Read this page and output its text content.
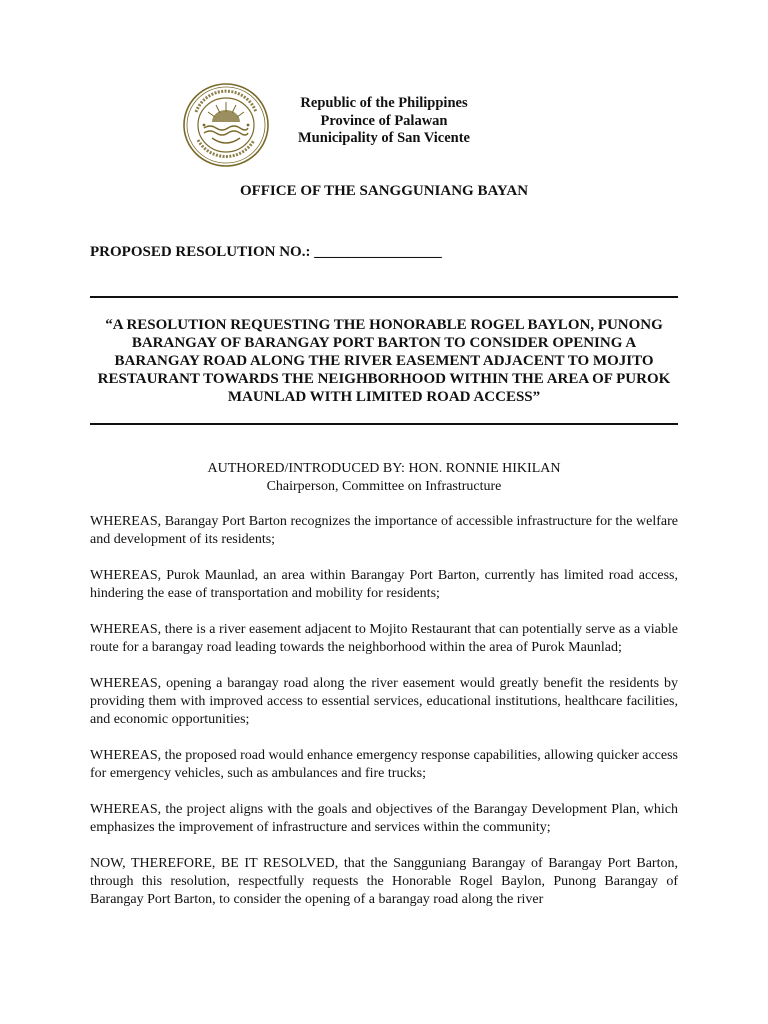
Republic of the Philippines
Province of Palawan
Municipality of San Vicente
OFFICE OF THE SANGGUNIANG BAYAN
PROPOSED RESOLUTION NO.: _________________
“A RESOLUTION REQUESTING THE HONORABLE ROGEL BAYLON, PUNONG BARANGAY OF BARANGAY PORT BARTON TO CONSIDER OPENING A BARANGAY ROAD ALONG THE RIVER EASEMENT ADJACENT TO MOJITO RESTAURANT TOWARDS THE NEIGHBORHOOD WITHIN THE AREA OF PUROK MAUNLAD WITH LIMITED ROAD ACCESS”
AUTHORED/INTRODUCED BY: HON. RONNIE HIKILAN
Chairperson, Committee on Infrastructure

WHEREAS, Barangay Port Barton recognizes the importance of accessible infrastructure for the welfare and development of its residents;

WHEREAS, Purok Maunlad, an area within Barangay Port Barton, currently has limited road access, hindering the ease of transportation and mobility for residents;

WHEREAS, there is a river easement adjacent to Mojito Restaurant that can potentially serve as a viable route for a barangay road leading towards the neighborhood within the area of Purok Maunlad;

WHEREAS, opening a barangay road along the river easement would greatly benefit the residents by providing them with improved access to essential services, educational institutions, healthcare facilities, and economic opportunities;

WHEREAS, the proposed road would enhance emergency response capabilities, allowing quicker access for emergency vehicles, such as ambulances and fire trucks;

WHEREAS, the project aligns with the goals and objectives of the Barangay Development Plan, which emphasizes the improvement of infrastructure and services within the community;

NOW, THEREFORE, BE IT RESOLVED, that the Sangguniang Barangay of Barangay Port Barton, through this resolution, respectfully requests the Honorable Rogel Baylon, Punong Barangay of Barangay Port Barton, to consider the opening of a barangay road along the river
